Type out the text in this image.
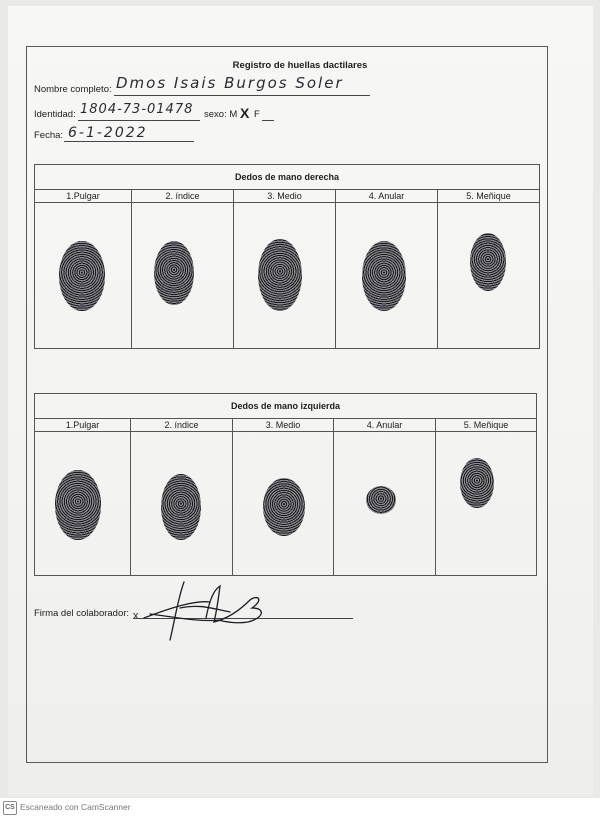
Registro de huellas dactilares
Nombre completo: Dmos Isais Burgos Soler
Identidad: 1804-73-01478 sexo: M X F
Fecha: 6-1-2022
Dedos de mano derecha				
1.Pulgar	2. índice	3. Medio	4. Anular	5. Meñique

Dedos de mano izquierda				
1.Pulgar	2. índice	3. Medio	4. Anular	5. Meñique

Firma del colaborador: x
CS Escaneado con CamScanner
